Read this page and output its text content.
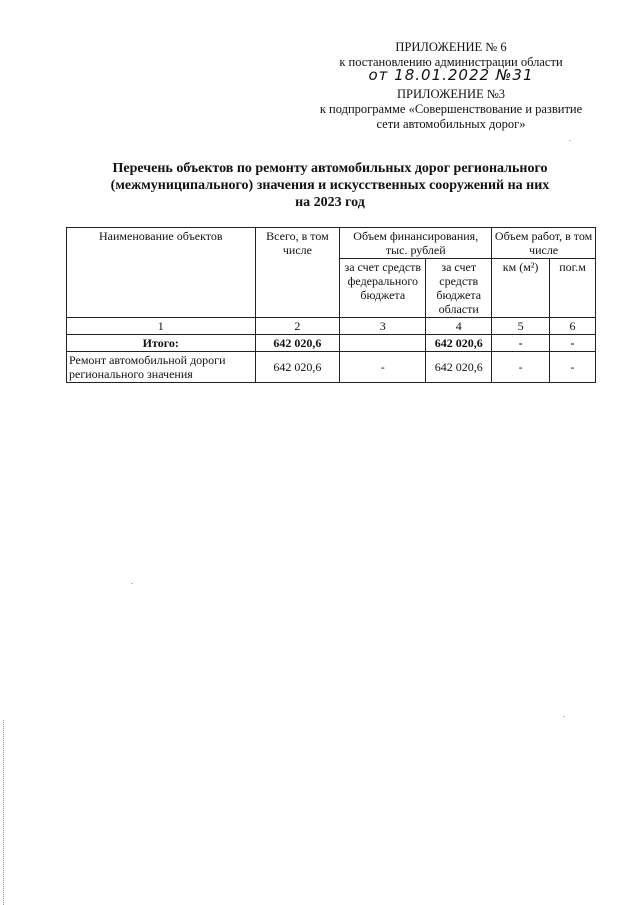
ПРИЛОЖЕНИЕ № 6
к постановлению администрации области
от 18.01.2022 №31
ПРИЛОЖЕНИЕ №3
к подпрограмме «Совершенствование и развитие
сети автомобильных дорог»
Перечень объектов по ремонту автомобильных дорог регионального
(межмуниципального) значения и искусственных сооружений на них
на 2023 год
Наименование объектов	Всего, в том числе	Объем финансирования, тыс. рублей		Объем работ, в том числе	
		за счет средств федерального бюджета	за счет средств бюджета области	км (м²)	пог.м
1	2	3	4	5	6
Итого:	642 020,6		642 020,6	-	-
Ремонт автомобильной дороги регионального значения	642 020,6	-	642 020,6	-	-
